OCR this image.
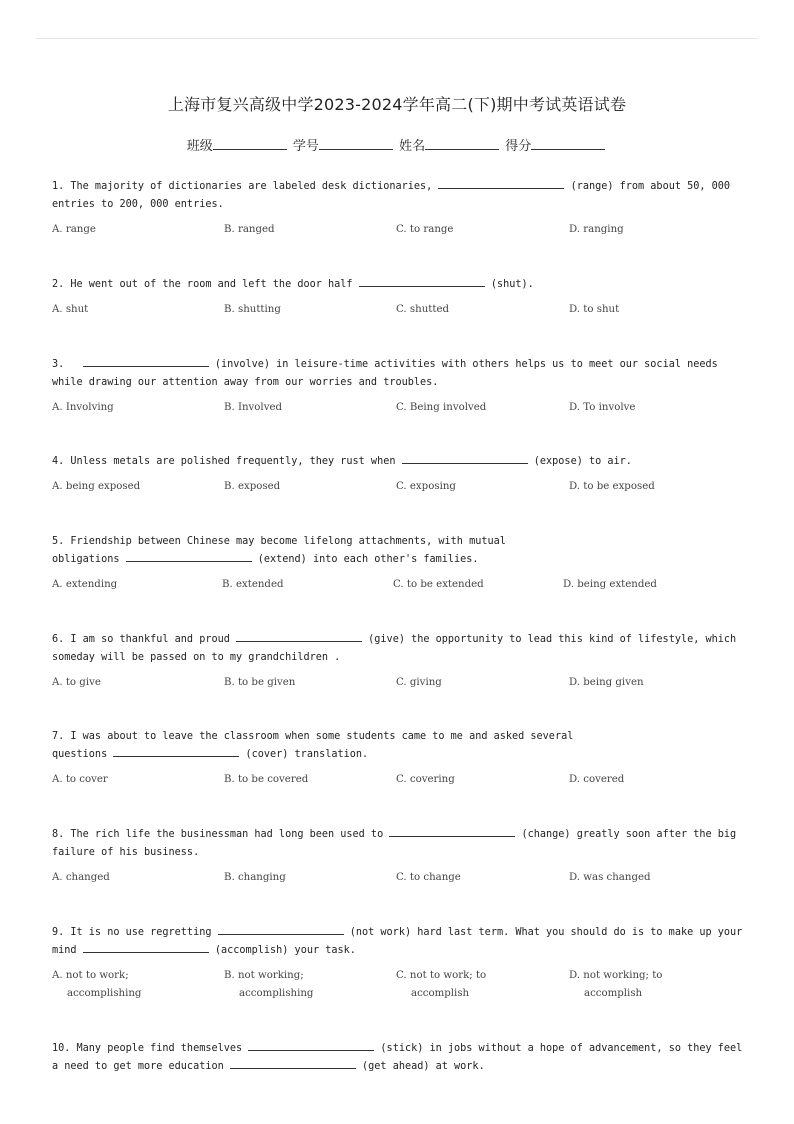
上海市复兴高级中学2023-2024学年高二(下)期中考试英语试卷
班级	学号	姓名	得分
1. The majority of dictionaries are labeled desk dictionaries,	(range) from about 50, 000 entries to 200, 000 entries.
A. range	B. ranged	C. to range	D. ranging
2. He went out of the room and left the door half	(shut).
A. shut	B. shutting	C. shutted	D. to shut
3.	(involve) in leisure-time activities with others helps us to meet our social needs while drawing our attention away from our worries and troubles.
A. Involving	B. Involved	C. Being involved	D. To involve
4. Unless metals are polished frequently, they rust when	(expose) to air.
A. being exposed	B. exposed	C. exposing	D. to be exposed
5. Friendship between Chinese may become lifelong attachments, with mutual
obligations	(extend) into each other's families.
A. extending	B. extended	C. to be extended	D. being extended
6. I am so thankful and proud	(give) the opportunity to lead this kind of lifestyle, which someday will be passed on to my grandchildren .
A. to give	B. to be given	C. giving	D. being given
7. I was about to leave the classroom when some students came to me and asked several
questions	(cover) translation.
A. to cover	B. to be covered	C. covering	D. covered
8. The rich life the businessman had long been used to	(change) greatly soon after the big failure of his business.
A. changed	B. changing	C. to change	D. was changed
9. It is no use regretting	(not work) hard last term. What you should do is to make up your mind	(accomplish) your task.
A. not to work;
accomplishing
B. not working;
accomplishing
C. not to work; to
accomplish
D. not working; to
accomplish
10. Many people find themselves	(stick) in jobs without a hope of advancement, so they feel a need to get more education	(get ahead) at work.
